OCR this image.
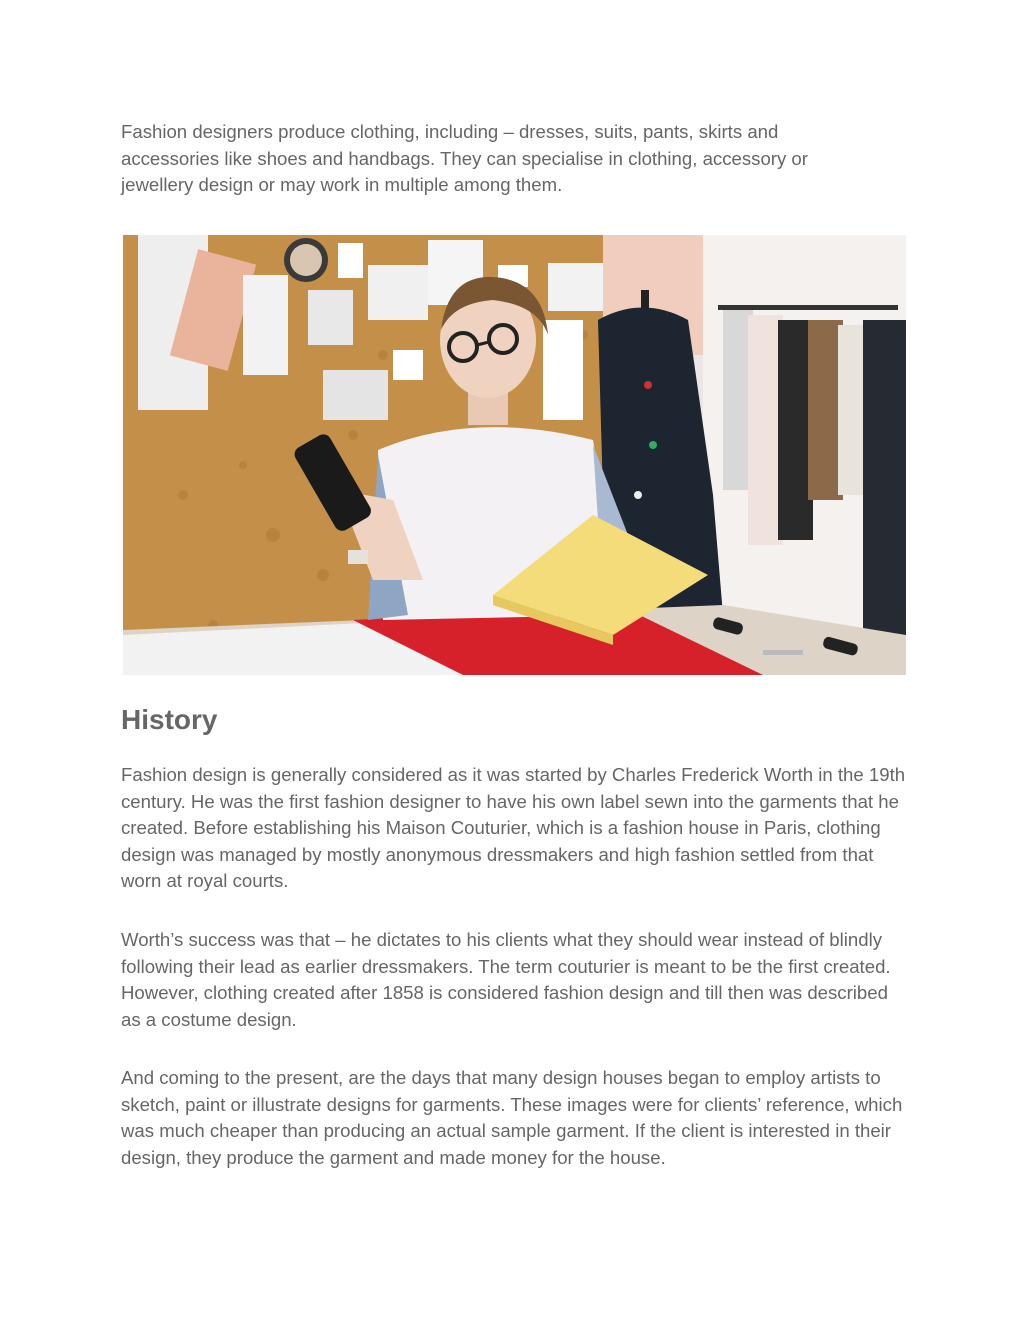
Fashion designers produce clothing, including – dresses, suits, pants, skirts and accessories like shoes and handbags. They can specialise in clothing, accessory or jewellery design or may work in multiple among them.

History

Fashion design is generally considered as it was started by Charles Frederick Worth in the 19th century. He was the first fashion designer to have his own label sewn into the garments that he created. Before establishing his Maison Couturier, which is a fashion house in Paris, clothing design was managed by mostly anonymous dressmakers and high fashion settled from that worn at royal courts.

Worth’s success was that – he dictates to his clients what they should wear instead of blindly following their lead as earlier dressmakers. The term couturier is meant to be the first created. However, clothing created after 1858 is considered fashion design and till then was described as a costume design.

And coming to the present, are the days that many design houses began to employ artists to sketch, paint or illustrate designs for garments. These images were for clients’ reference, which was much cheaper than producing an actual sample garment. If the client is interested in their design, they produce the garment and made money for the house.
